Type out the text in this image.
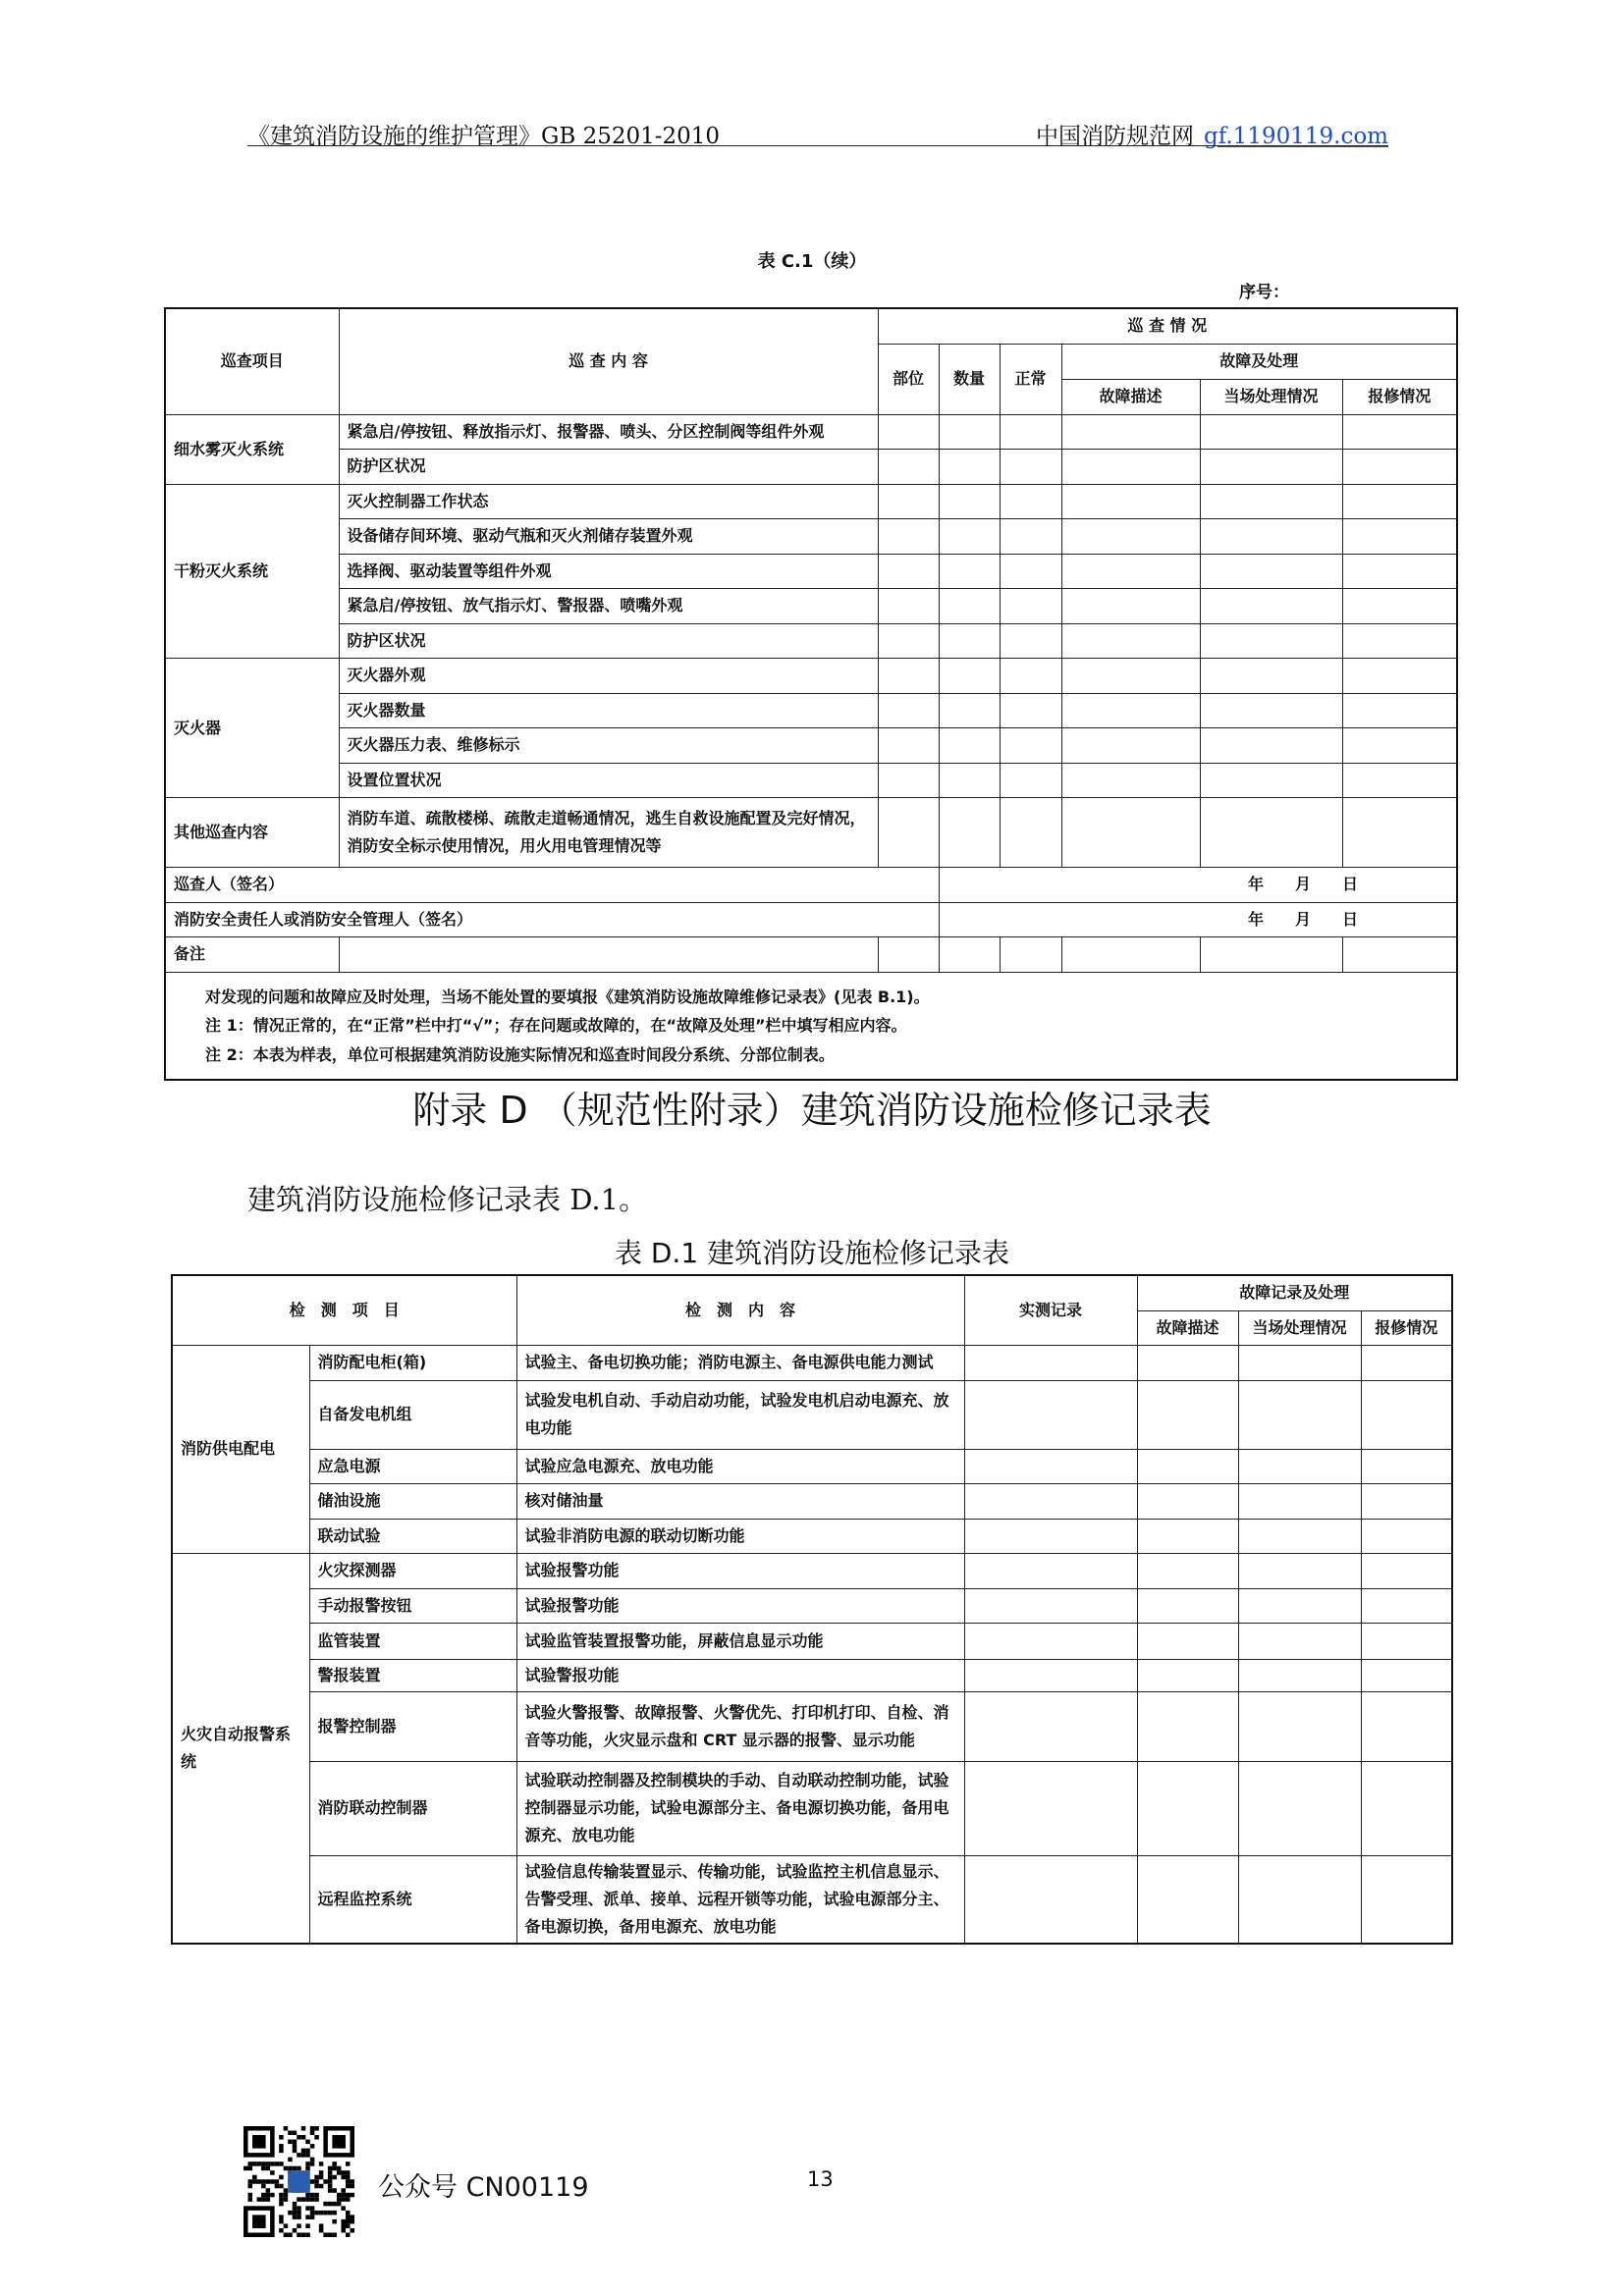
《建筑消防设施的维护管理》GB 25201-2010	中国消防规范网 gf.1190119.com
表 C.1（续）
序号：
巡查项目	巡 查 内 容	巡 查 情 况					
		部位	数量	正常	故障及处理		
					故障描述	当场处理情况	报修情况
细水雾灭火系统	紧急启/停按钮、释放指示灯、报警器、喷头、分区控制阀等组件外观						
	防护区状况						
干粉灭火系统	灭火控制器工作状态						
	设备储存间环境、驱动气瓶和灭火剂储存装置外观						
	选择阀、驱动装置等组件外观						
	紧急启/停按钮、放气指示灯、警报器、喷嘴外观						
	防护区状况						
灭火器	灭火器外观						
	灭火器数量						
	灭火器压力表、维修标示						
	设置位置状况						
其他巡查内容	消防车道、疏散楼梯、疏散走道畅通情况，逃生自救设施配置及完好情况，消防安全标示使用情况，用火用电管理情况等						
巡查人（签名）			年　　月　　日				
消防安全责任人或消防安全管理人（签名）			年　　月　　日				
备注							

对发现的问题和故障应及时处理，当场不能处置的要填报《建筑消防设施故障维修记录表》(见表 B.1)。
注 1：情况正常的，在“正常”栏中打“√”；存在问题或故障的，在“故障及处理”栏中填写相应内容。
注 2：本表为样表，单位可根据建筑消防设施实际情况和巡查时间段分系统、分部位制表。							
附录 D （规范性附录）建筑消防设施检修记录表
建筑消防设施检修记录表 D.1。
表 D.1 建筑消防设施检修记录表
检　测　项　目		检　测　内　容	实测记录	故障记录及处理		
				故障描述	当场处理情况	报修情况
消防供电配电	消防配电柜(箱)	试验主、备电切换功能；消防电源主、备电源供电能力测试				
	自备发电机组	试验发电机自动、手动启动功能，试验发电机启动电源充、放电功能				
	应急电源	试验应急电源充、放电功能				
	储油设施	核对储油量				
	联动试验	试验非消防电源的联动切断功能				
火灾自动报警系统	火灾探测器	试验报警功能				
	手动报警按钮	试验报警功能				
	监管装置	试验监管装置报警功能，屏蔽信息显示功能				
	警报装置	试验警报功能				
	报警控制器	试验火警报警、故障报警、火警优先、打印机打印、自检、消音等功能，火灾显示盘和 CRT 显示器的报警、显示功能				
	消防联动控制器	试验联动控制器及控制模块的手动、自动联动控制功能，试验控制器显示功能，试验电源部分主、备电源切换功能，备用电源充、放电功能				
	远程监控系统	试验信息传输装置显示、传输功能，试验监控主机信息显示、告警受理、派单、接单、远程开锁等功能，试验电源部分主、备电源切换，备用电源充、放电功能				
公众号 CN00119	13
